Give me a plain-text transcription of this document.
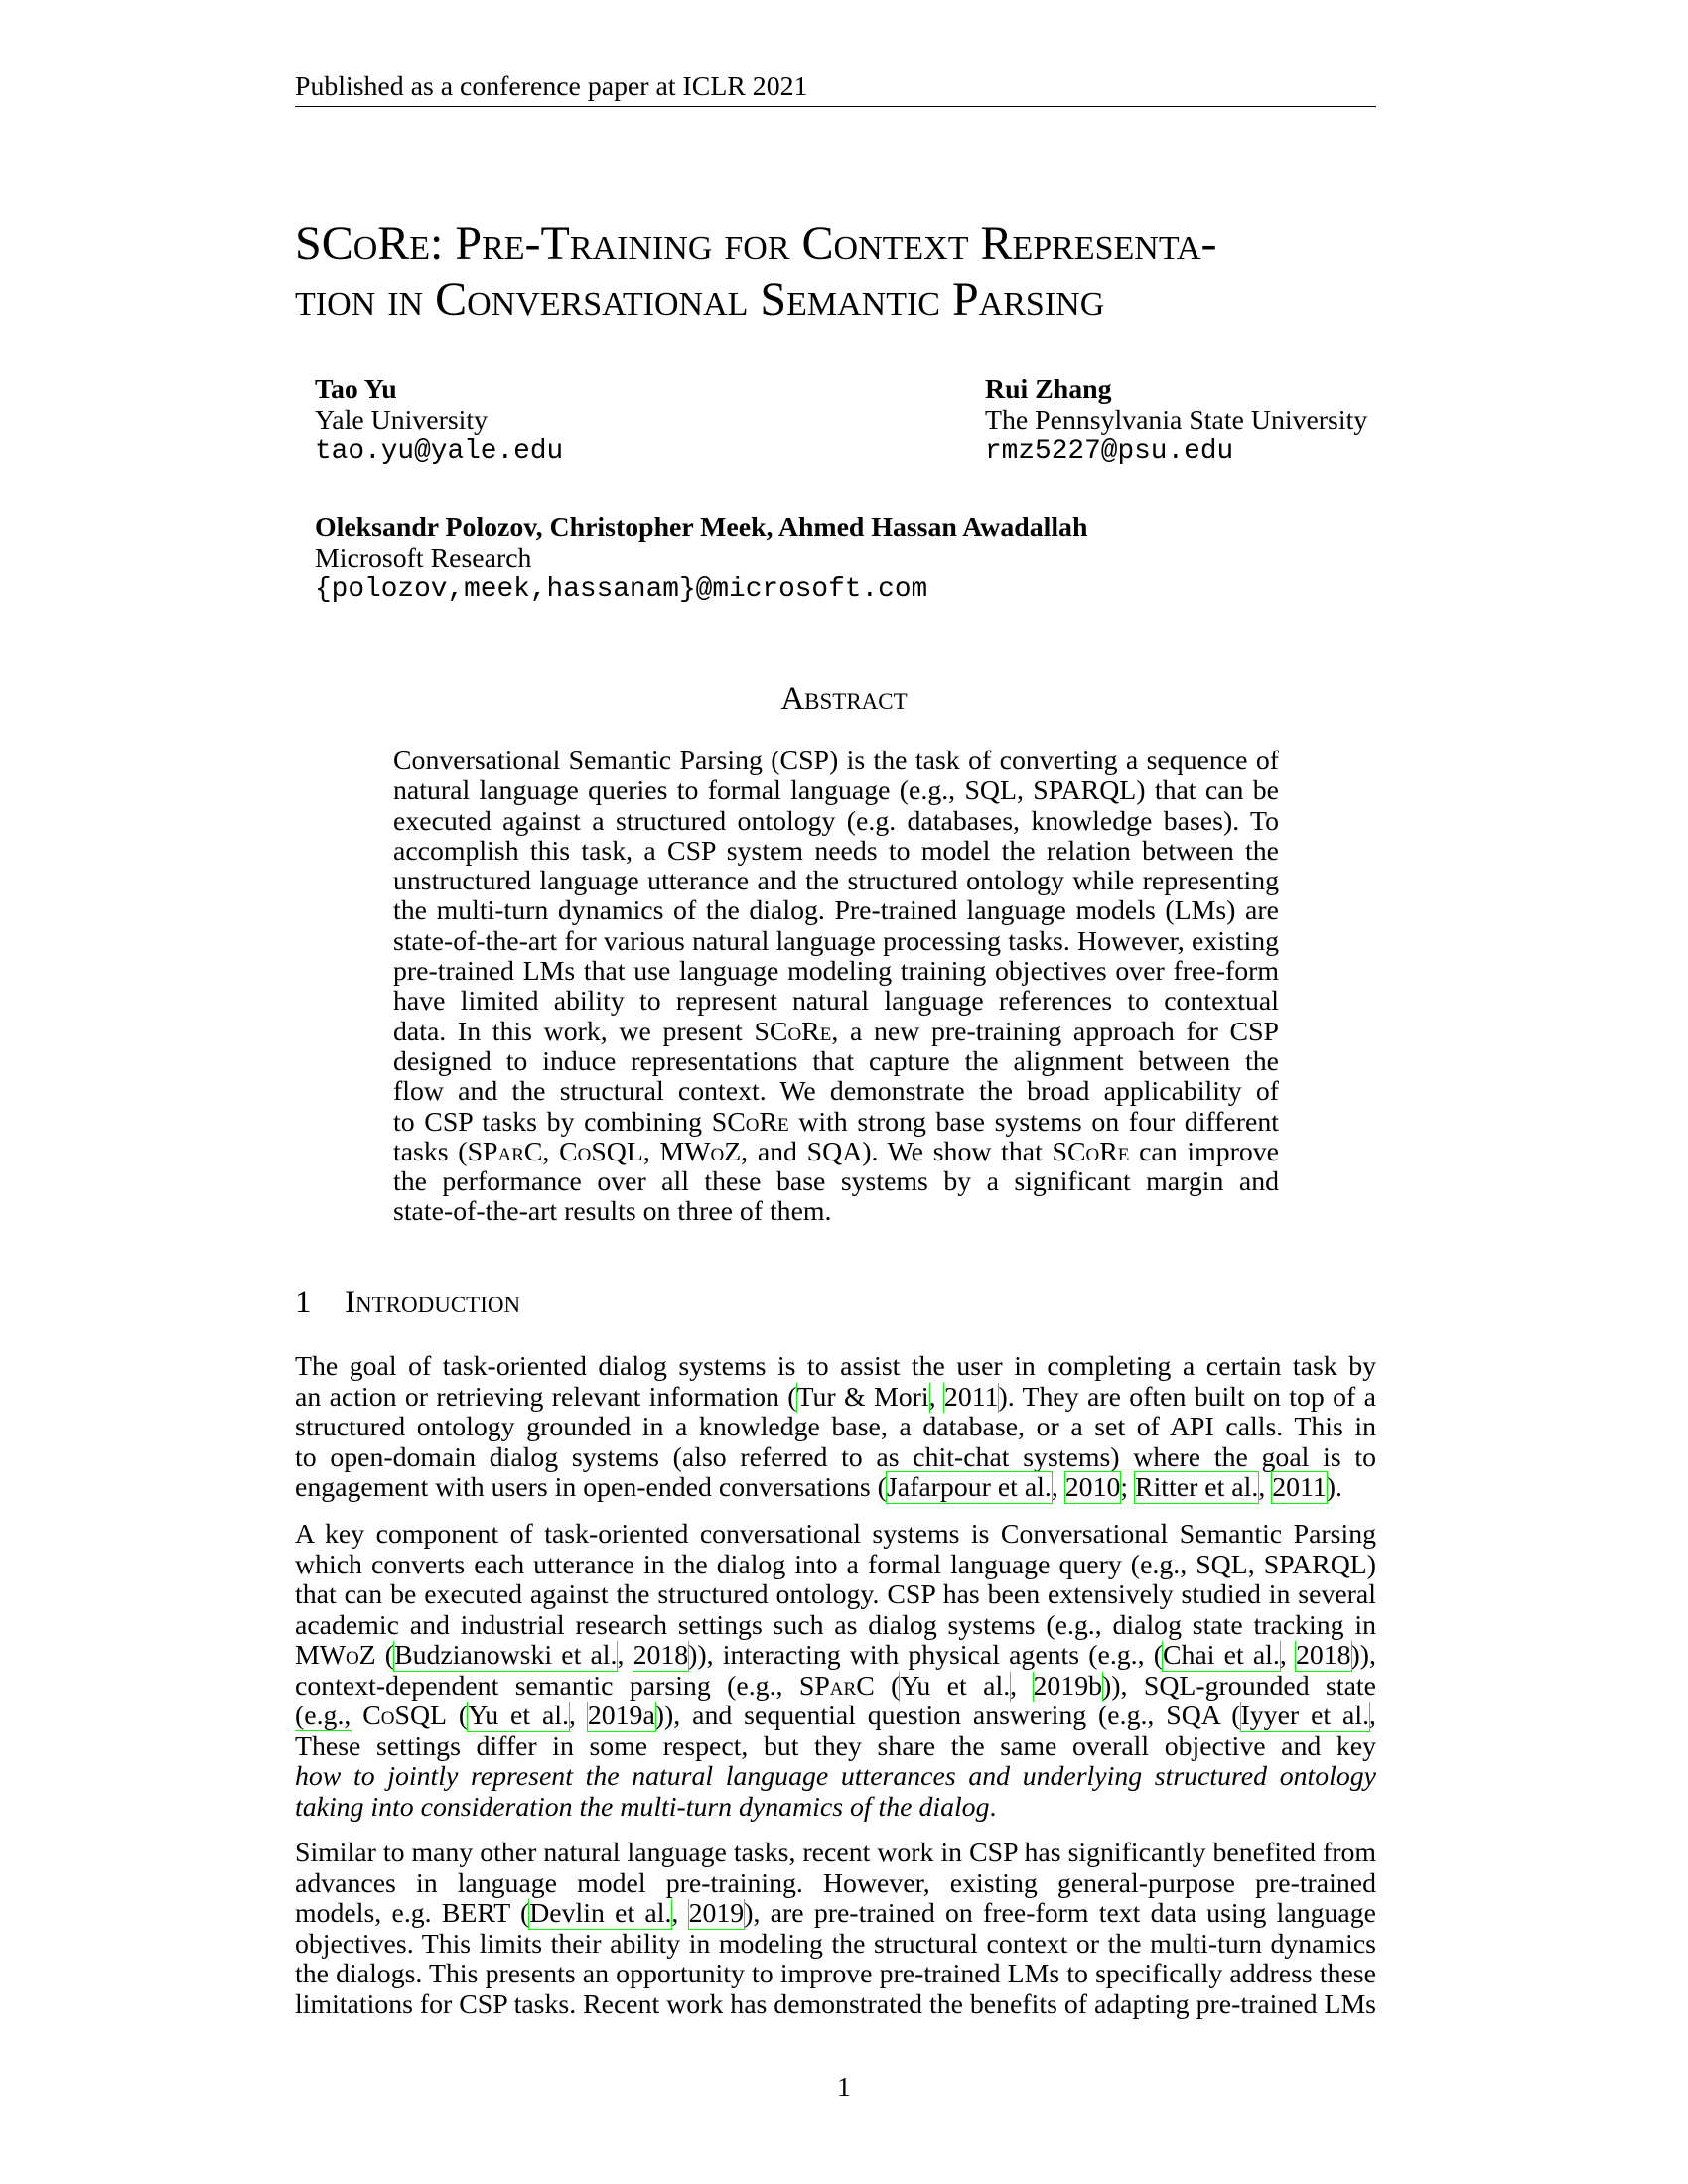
Published as a conference paper at ICLR 2021
SCoRe: Pre-Training for Context Representa-
tion in Conversational Semantic Parsing
Tao Yu
Yale University
tao.yu@yale.edu
Rui Zhang
The Pennsylvania State University
rmz5227@psu.edu
Oleksandr Polozov, Christopher Meek, Ahmed Hassan Awadallah
Microsoft Research
{polozov,meek,hassanam}@microsoft.com
Abstract
Conversational Semantic Parsing (CSP) is the task of converting a sequence of
natural language queries to formal language (e.g., SQL, SPARQL) that can be
executed against a structured ontology (e.g. databases, knowledge bases). To
accomplish this task, a CSP system needs to model the relation between the
unstructured language utterance and the structured ontology while representing
the multi-turn dynamics of the dialog. Pre-trained language models (LMs) are
state-of-the-art for various natural language processing tasks. However, existing
pre-trained LMs that use language modeling training objectives over free-form
have limited ability to represent natural language references to contextual
data. In this work, we present SCoRe, a new pre-training approach for CSP
designed to induce representations that capture the alignment between the
flow and the structural context. We demonstrate the broad applicability of
to CSP tasks by combining SCoRe with strong base systems on four different
tasks (SParC, CoSQL, MWoZ, and SQA). We show that SCoRe can improve
the performance over all these base systems by a significant margin and
state-of-the-art results on three of them.
1 Introduction
The goal of task-oriented dialog systems is to assist the user in completing a certain task by
an action or retrieving relevant information (Tur & Mori, 2011). They are often built on top of a
structured ontology grounded in a knowledge base, a database, or a set of API calls. This in
to open-domain dialog systems (also referred to as chit-chat systems) where the goal is to
engagement with users in open-ended conversations (Jafarpour et al., 2010; Ritter et al., 2011).
A key component of task-oriented conversational systems is Conversational Semantic Parsing
which converts each utterance in the dialog into a formal language query (e.g., SQL, SPARQL)
that can be executed against the structured ontology. CSP has been extensively studied in several
academic and industrial research settings such as dialog systems (e.g., dialog state tracking in
MWoZ (Budzianowski et al., 2018)), interacting with physical agents (e.g., (Chai et al., 2018)),
context-dependent semantic parsing (e.g., SParC (Yu et al., 2019b)), SQL-grounded state
(e.g., CoSQL (Yu et al., 2019a)), and sequential question answering (e.g., SQA (Iyyer et al.,
These settings differ in some respect, but they share the same overall objective and key
how to jointly represent the natural language utterances and underlying structured ontology
taking into consideration the multi-turn dynamics of the dialog.
Similar to many other natural language tasks, recent work in CSP has significantly benefited from
advances in language model pre-training. However, existing general-purpose pre-trained
models, e.g. BERT (Devlin et al., 2019), are pre-trained on free-form text data using language
objectives. This limits their ability in modeling the structural context or the multi-turn dynamics
the dialogs. This presents an opportunity to improve pre-trained LMs to specifically address these
limitations for CSP tasks. Recent work has demonstrated the benefits of adapting pre-trained LMs
1
